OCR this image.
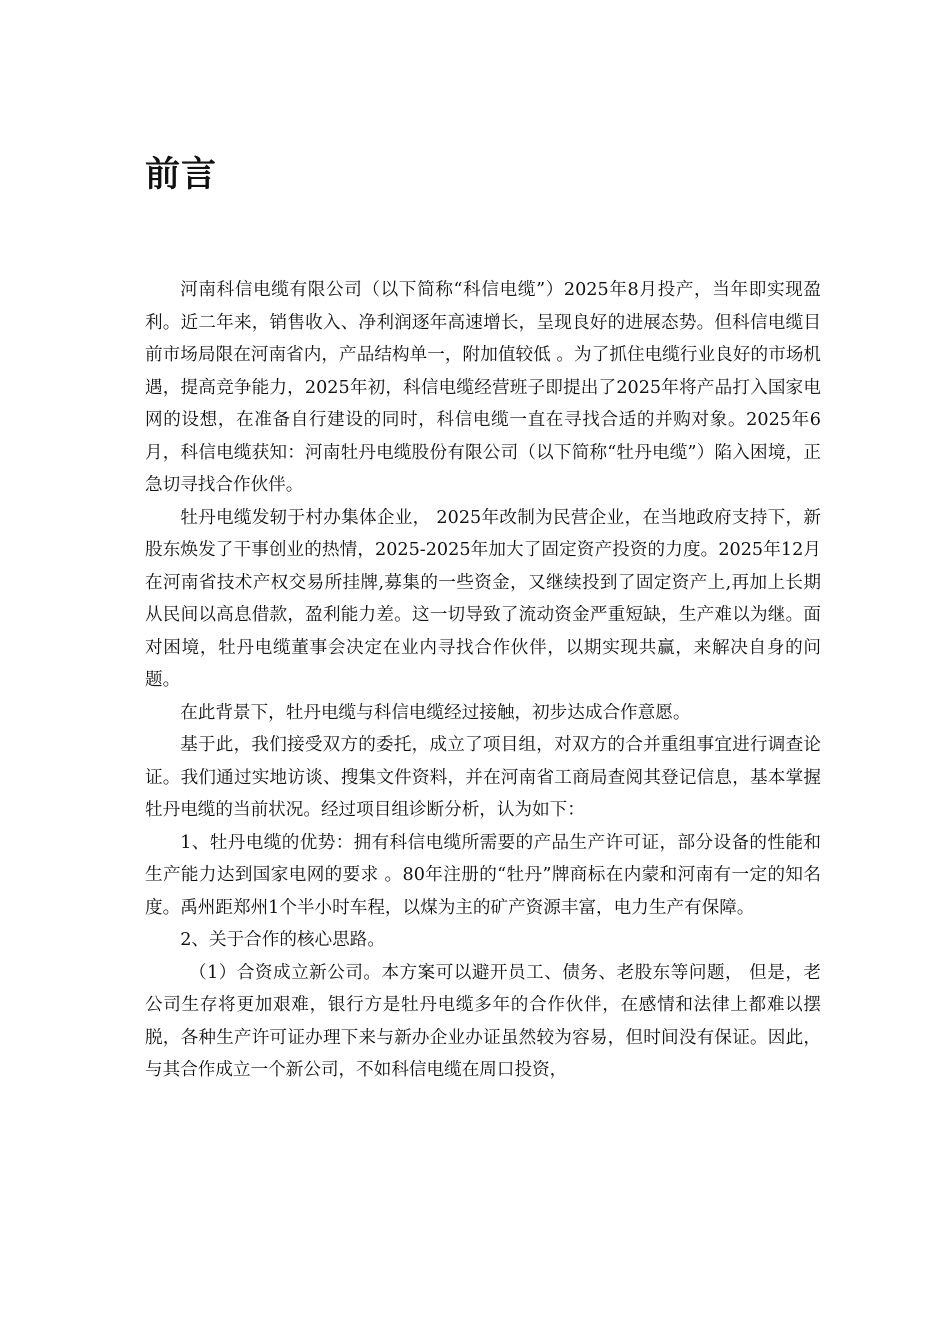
前言

河南科信电缆有限公司（以下简称“科信电缆”）2025年8月投产，当年即实现盈利。近二年来，销售收入、净利润逐年高速增长，呈现良好的进展态势。但科信电缆目前市场局限在河南省内，产品结构单一，附加值较低 。为了抓住电缆行业良好的市场机遇，提高竞争能力，2025年初，科信电缆经营班子即提出了2025年将产品打入国家电网的设想，在准备自行建设的同时，科信电缆一直在寻找合适的并购对象。2025年6月，科信电缆获知：河南牡丹电缆股份有限公司（以下简称“牡丹电缆”）陷入困境，正急切寻找合作伙伴。

牡丹电缆发轫于村办集体企业， 2025年改制为民营企业，在当地政府支持下，新股东焕发了干事创业的热情，2025-2025年加大了固定资产投资的力度。2025年12月在河南省技术产权交易所挂牌,募集的一些资金，又继续投到了固定资产上,再加上长期从民间以高息借款，盈利能力差。这一切导致了流动资金严重短缺，生产难以为继。面对困境，牡丹电缆董事会决定在业内寻找合作伙伴，以期实现共赢，来解决自身的问题。

在此背景下，牡丹电缆与科信电缆经过接触，初步达成合作意愿。

基于此，我们接受双方的委托，成立了项目组，对双方的合并重组事宜进行调查论证。我们通过实地访谈、搜集文件资料，并在河南省工商局查阅其登记信息，基本掌握牡丹电缆的当前状况。经过项目组诊断分析，认为如下：

1、牡丹电缆的优势：拥有科信电缆所需要的产品生产许可证，部分设备的性能和生产能力达到国家电网的要求 。80年注册的“牡丹”牌商标在内蒙和河南有一定的知名度。禹州距郑州1个半小时车程，以煤为主的矿产资源丰富，电力生产有保障。

2、关于合作的核心思路。

（1）合资成立新公司。本方案可以避开员工、债务、老股东等问题， 但是，老公司生存将更加艰难，银行方是牡丹电缆多年的合作伙伴，在感情和法律上都难以摆脱，各种生产许可证办理下来与新办企业办证虽然较为容易，但时间没有保证。因此，与其合作成立一个新公司，不如科信电缆在周口投资，
